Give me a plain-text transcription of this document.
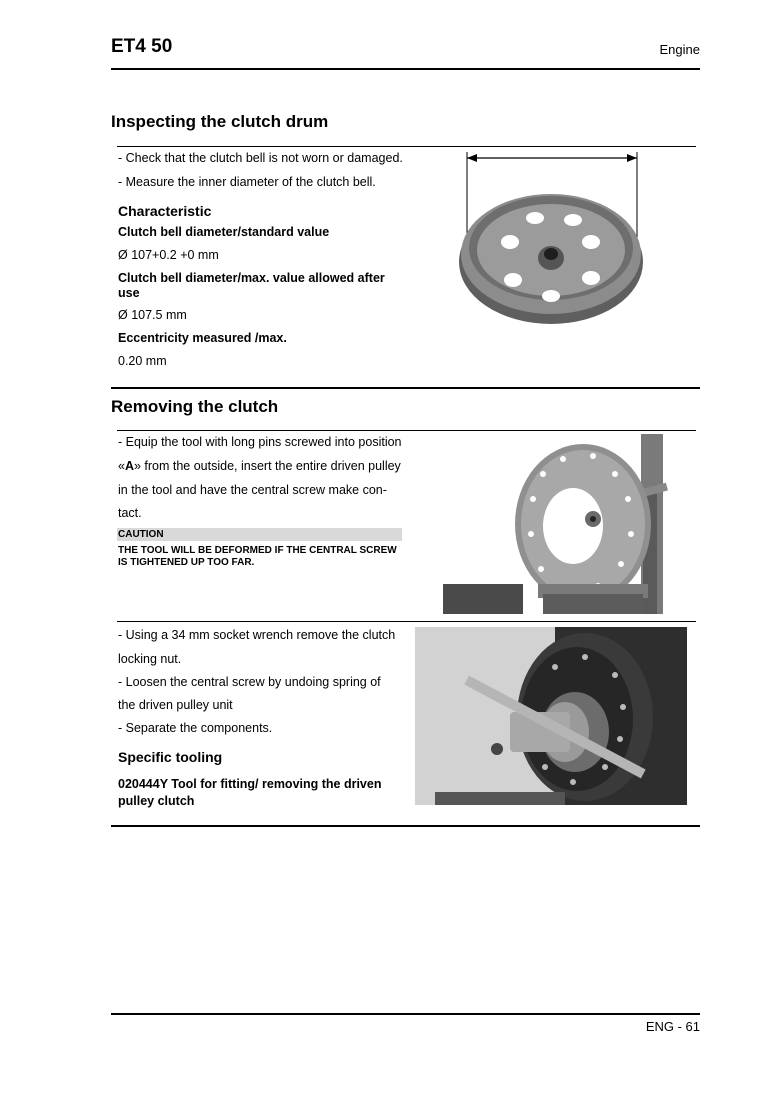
ET4 50	Engine
Inspecting the clutch drum
- Check that the clutch bell is not worn or damaged.
- Measure the inner diameter of the clutch bell.
Characteristic
Clutch bell diameter/standard value
Ø 107+0.2 +0 mm
Clutch bell diameter/max. value allowed after use
Ø 107.5 mm
Eccentricity measured /max.
0.20 mm
Removing the clutch
- Equip the tool with long pins screwed into position
«A» from the outside, insert the entire driven pulley
in the tool and have the central screw make con-
tact.
CAUTION
THE TOOL WILL BE DEFORMED IF THE CENTRAL SCREW IS TIGHTENED UP TOO FAR.
- Using a 34 mm socket wrench remove the clutch
locking nut.
- Loosen the central screw by undoing spring of
the driven pulley unit
- Separate the components.
Specific tooling
020444Y Tool for fitting/ removing the driven pulley clutch
ENG - 61
